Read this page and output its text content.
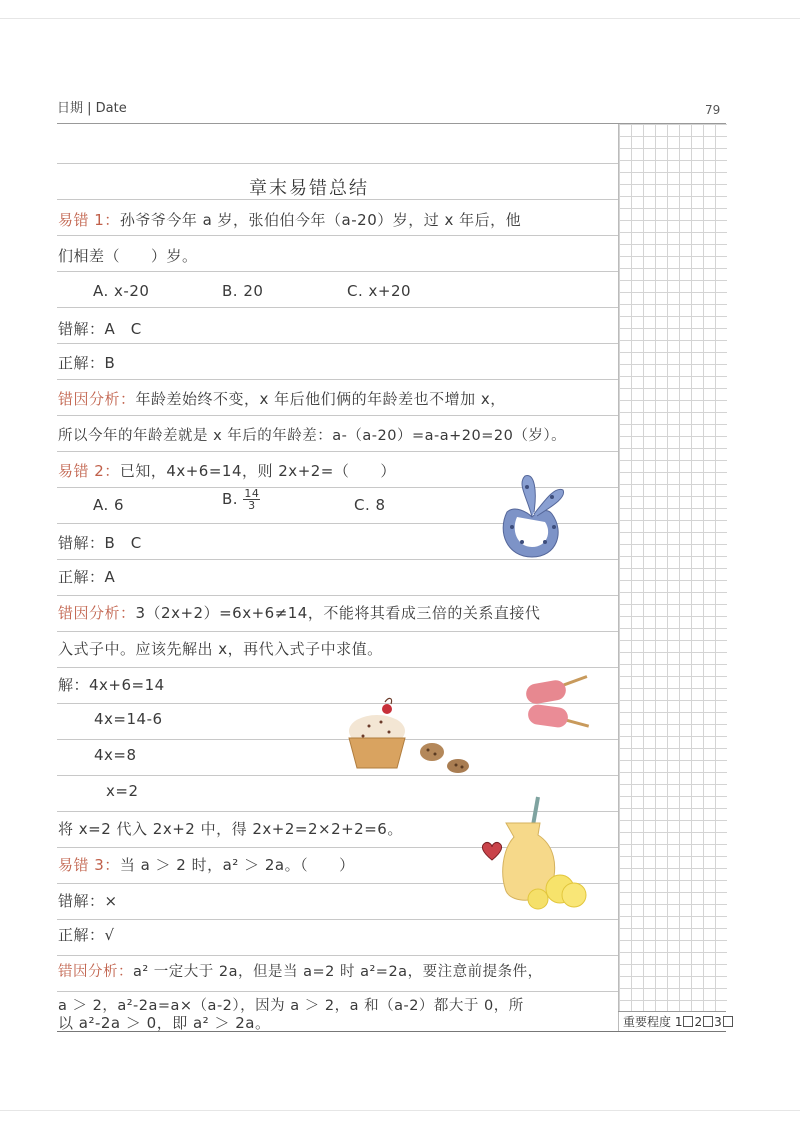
日期 | Date	79
重要程度 1 2 3
章末易错总结
易错 1：孙爷爷今年 a 岁，张伯伯今年（a-20）岁，过 x 年后，他
们相差（　　）岁。
A. x-20	B. 20	C. x+20
错解：A　C
正解：B
错因分析：年龄差始终不变，x 年后他们俩的年龄差也不增加 x，
所以今年的年龄差就是 x 年后的年龄差：a-（a-20）=a-a+20=20（岁）。
易错 2：已知，4x+6=14，则 2x+2=（　　）
A. 6	B. $\frac{14}{3}$	C. 8
错解：B　C
正解：A
错因分析：3（2x+2）=6x+6≠14，不能将其看成三倍的关系直接代
入式子中。应该先解出 x，再代入式子中求值。
解：4x+6=14
4x=14-6
4x=8
x=2
将 x=2 代入 2x+2 中，得 2x+2=2×2+2=6。
易错 3：当 a ＞ 2 时，a² ＞ 2a。（　　）
错解：×
正解：√
错因分析：a² 一定大于 2a，但是当 a=2 时 a²=2a，要注意前提条件，
a ＞ 2，a²-2a=a×（a-2），因为 a ＞ 2，a 和（a-2）都大于 0，所
以 a²-2a ＞ 0，即 a² ＞ 2a。
